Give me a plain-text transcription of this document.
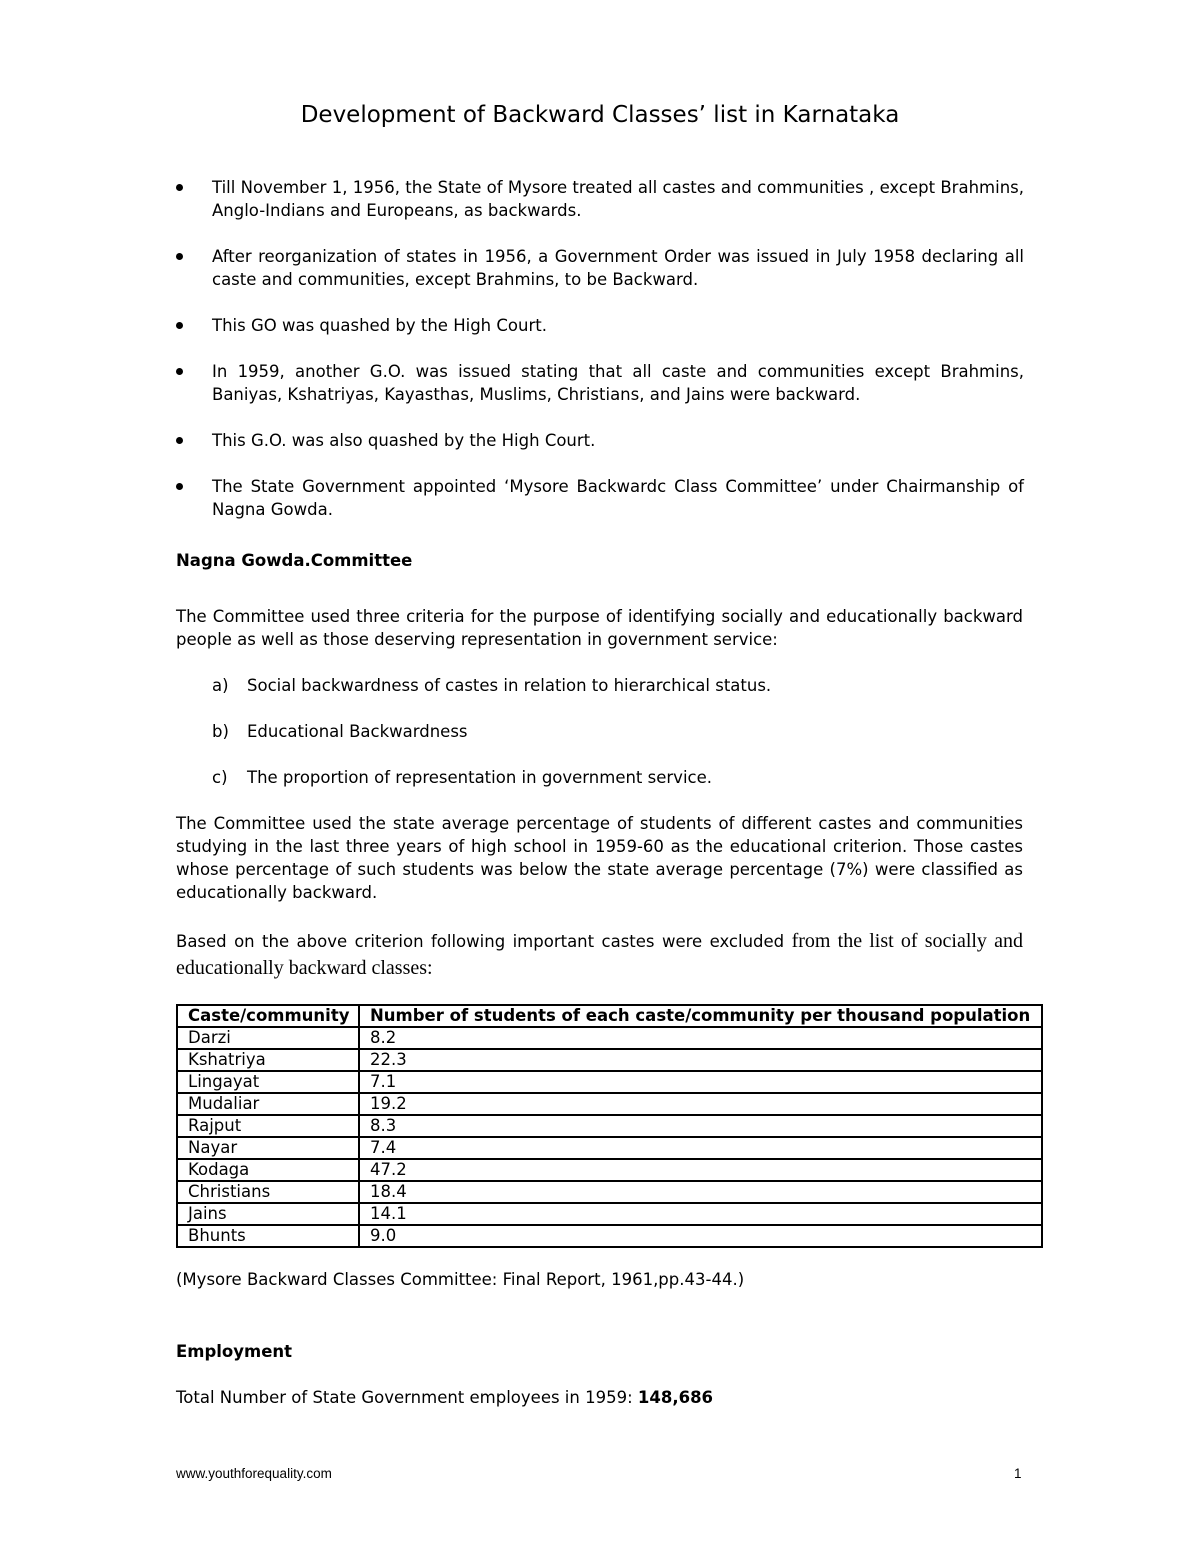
Development of Backward Classes’ list in Karnataka
Till November 1, 1956, the State of Mysore treated all castes and communities , except Brahmins, Anglo-Indians and Europeans, as backwards.
After reorganization of states in 1956, a Government Order was issued in July 1958 declaring all caste and communities, except Brahmins, to be Backward.
This GO was quashed by the High Court.
In 1959, another G.O. was issued stating that all caste and communities except Brahmins, Baniyas, Kshatriyas, Kayasthas, Muslims, Christians, and Jains were backward.
This G.O. was also quashed by the High Court.
The State Government appointed ‘Mysore Backwardc Class Committee’ under Chairmanship of Nagna Gowda.
Nagna Gowda.Committee

The Committee used three criteria for the purpose of identifying socially and educationally backward people as well as those deserving representation in government service:

a) Social backwardness of castes in relation to hierarchical status.
b) Educational Backwardness
c) The proportion of representation in government service.

The Committee used the state average percentage of students of different castes and communities studying in the last three years of high school in 1959-60 as the educational criterion. Those castes whose percentage of such students was below the state average percentage (7%) were classified as educationally backward.

Based on the above criterion following important castes were excluded from the list of socially and educationally backward classes:

Caste/community	Number of students of each caste/community per thousand population
Darzi	8.2
Kshatriya	22.3
Lingayat	7.1
Mudaliar	19.2
Rajput	8.3
Nayar	7.4
Kodaga	47.2
Christians	18.4
Jains	14.1
Bhunts	9.0
(Mysore Backward Classes Committee: Final Report, 1961,pp.43-44.)
Employment
Total Number of State Government employees in 1959: 148,686
www.youthforequality.com	1
